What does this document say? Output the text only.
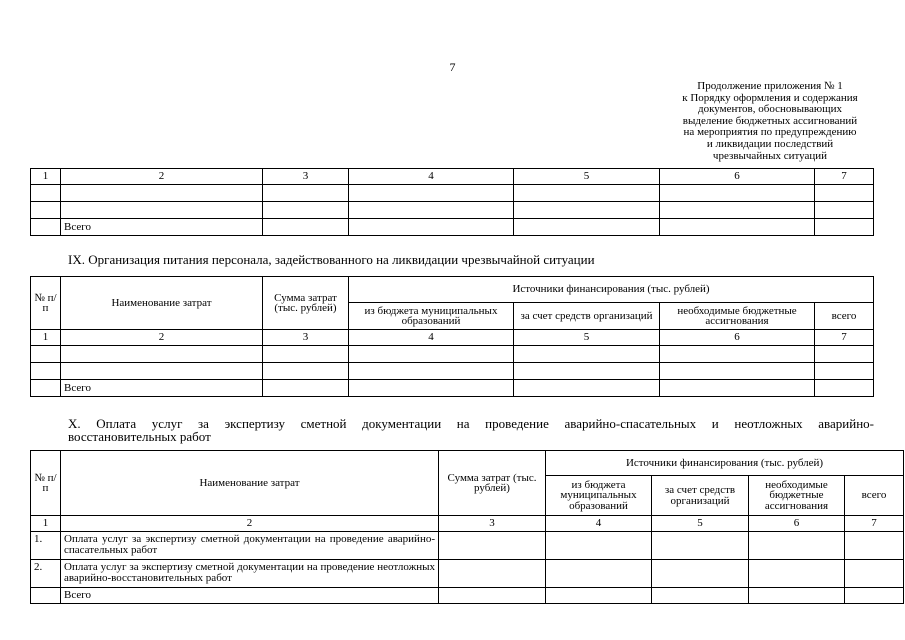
7
Продолжение приложения № 1
к Порядку оформления и содержания
документов, обосновывающих
выделение бюджетных ассигнований
на мероприятия по предупреждению
и ликвидации последствий
чрезвычайных ситуаций
1	2	3	4	5	6	7

	Всего					
IX. Организация питания персонала, задействованного на ликвидации чрезвычайной ситуации
№ п/п	Наименование затрат	Сумма затрат (тыс. рублей)	Источники финансирования (тыс. рублей)			
			из бюджета муниципальных образований	за счет средств организаций	необходимые бюджетные ассигнования	всего
1	2	3	4	5	6	7

	Всего					
X. Оплата услуг за экспертизу сметной документации на проведение аварийно-спасательных и неотложных аварийно-
восстановительных работ
№ п/п	Наименование затрат	Сумма затрат (тыс. рублей)	Источники финансирования (тыс. рублей)			
			из бюджета муниципальных образований	за счет средств организаций	необходимые бюджетные ассигнования	всего
1	2	3	4	5	6	7
1.	Оплата услуг за экспертизу сметной документации на проведение аварийно-спасательных работ					
2.	Оплата услуг за экспертизу сметной документации на проведение неотложных аварийно-восстановительных работ					
	Всего					
